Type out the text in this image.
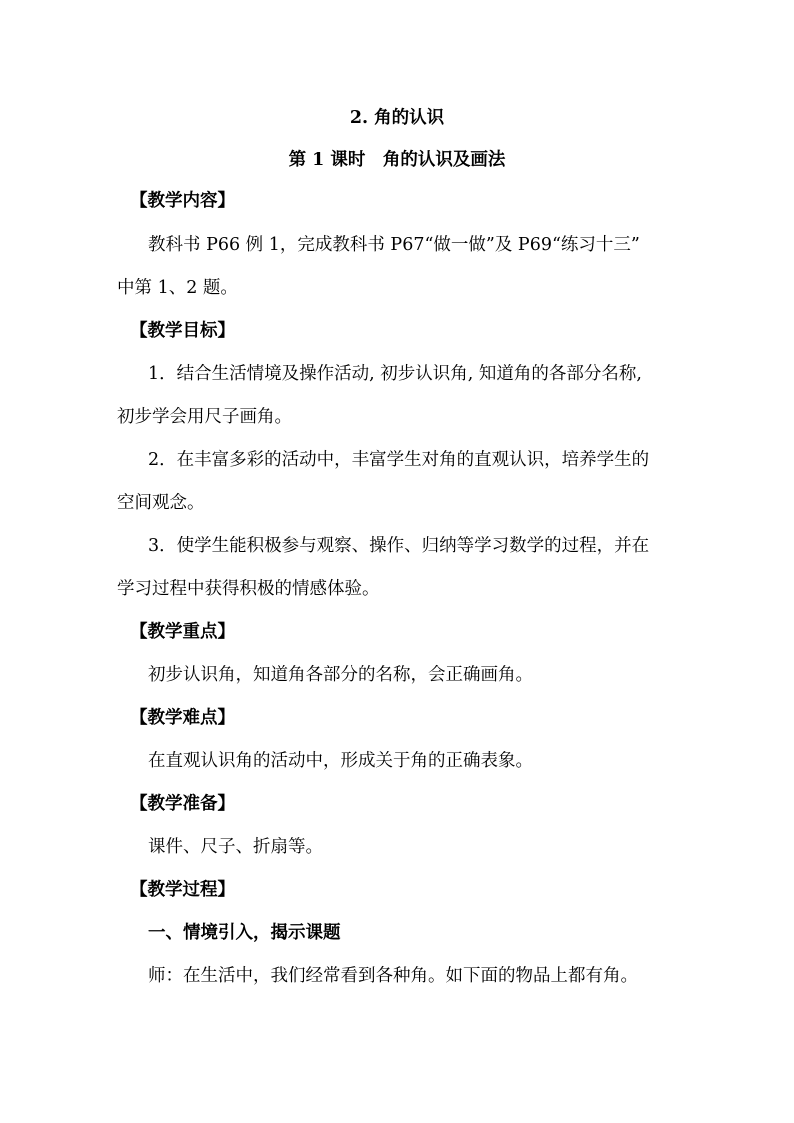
2. 角的认识
第 1 课时　角的认识及画法
【教学内容】
教科书 P66 例 1，完成教科书 P67“做一做”及 P69“练习十三”
中第 1、2 题。
【教学目标】
1．结合生活情境及操作活动, 初步认识角, 知道角的各部分名称,
初步学会用尺子画角。
2．在丰富多彩的活动中，丰富学生对角的直观认识，培养学生的
空间观念。
3．使学生能积极参与观察、操作、归纳等学习数学的过程，并在
学习过程中获得积极的情感体验。
【教学重点】
初步认识角，知道角各部分的名称，会正确画角。
【教学难点】
在直观认识角的活动中，形成关于角的正确表象。
【教学准备】
课件、尺子、折扇等。
【教学过程】
一、情境引入，揭示课题
师：在生活中，我们经常看到各种角。如下面的物品上都有角。
